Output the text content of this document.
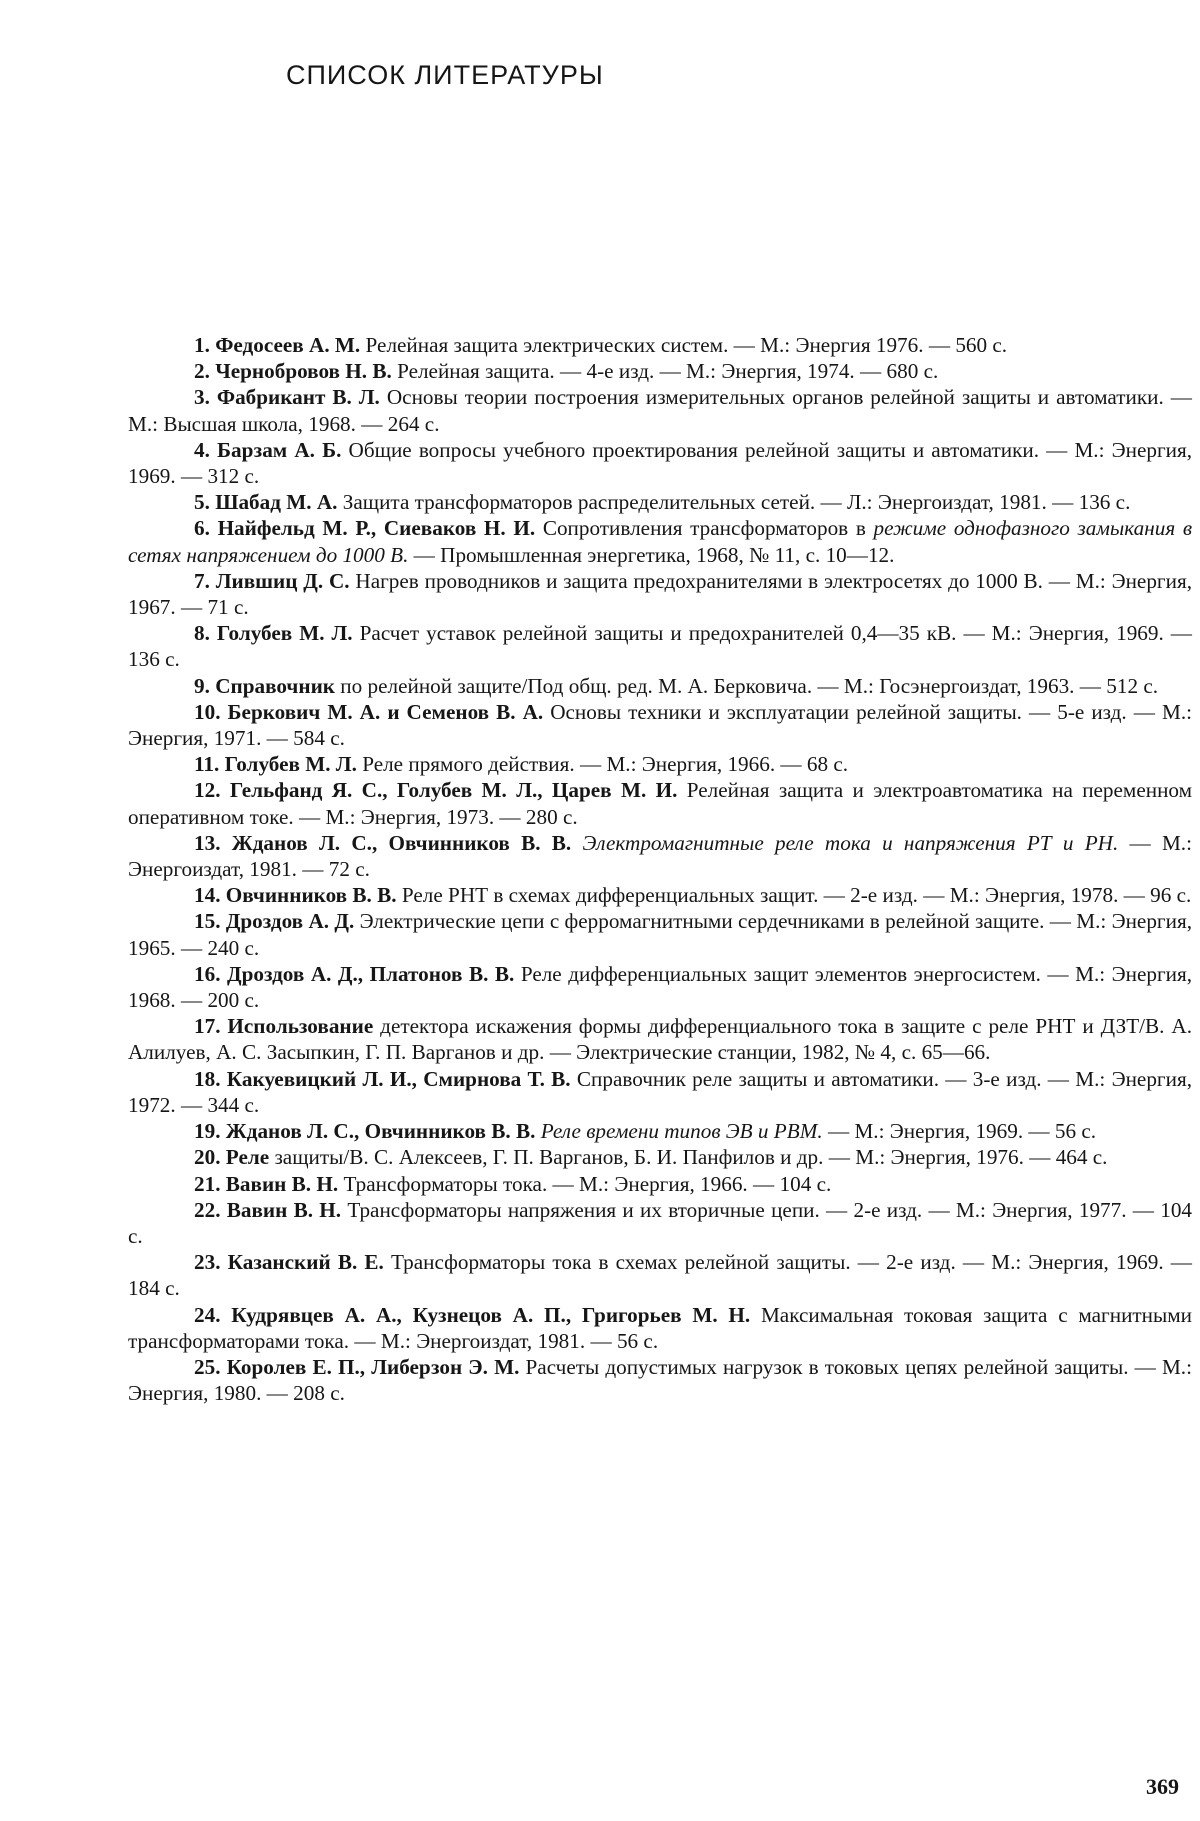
СПИСОК ЛИТЕРАТУРЫ
1. Федосеев А. М. Релейная защита электрических систем. — М.: Энергия 1976. — 560 с.
2. Чернобровов Н. В. Релейная защита. — 4-е изд. — М.: Энергия, 1974. — 680 с.
3. Фабрикант В. Л. Основы теории построения измерительных органов релейной защиты и автоматики. — М.: Высшая школа, 1968. — 264 с.
4. Барзам А. Б. Общие вопросы учебного проектирования релейной защиты и автоматики. — М.: Энергия, 1969. — 312 с.
5. Шабад М. А. Защита трансформаторов распределительных сетей. — Л.: Энергоиздат, 1981. — 136 с.
6. Найфельд М. Р., Сиеваков Н. И. Сопротивления трансформаторов в режиме однофазного замыкания в сетях напряжением до 1000 В. — Промышленная энергетика, 1968, № 11, с. 10—12.
7. Лившиц Д. С. Нагрев проводников и защита предохранителями в электросетях до 1000 В. — М.: Энергия, 1967. — 71 с.
8. Голубев М. Л. Расчет уставок релейной защиты и предохранителей 0,4—35 кВ. — М.: Энергия, 1969. — 136 с.
9. Справочник по релейной защите/Под общ. ред. М. А. Берковича. — М.: Госэнергоиздат, 1963. — 512 с.
10. Беркович М. А. и Семенов В. А. Основы техники и эксплуатации релейной защиты. — 5-е изд. — М.: Энергия, 1971. — 584 с.
11. Голубев М. Л. Реле прямого действия. — М.: Энергия, 1966. — 68 с.
12. Гельфанд Я. С., Голубев М. Л., Царев М. И. Релейная защита и электроавтоматика на переменном оперативном токе. — М.: Энергия, 1973. — 280 с.
13. Жданов Л. С., Овчинников В. В. Электромагнитные реле тока и напряжения РТ и РН. — М.: Энергоиздат, 1981. — 72 с.
14. Овчинников В. В. Реле РНТ в схемах дифференциальных защит. — 2-е изд. — М.: Энергия, 1978. — 96 с.
15. Дроздов А. Д. Электрические цепи с ферромагнитными сердечниками в релейной защите. — М.: Энергия, 1965. — 240 с.
16. Дроздов А. Д., Платонов В. В. Реле дифференциальных защит элементов энергосистем. — М.: Энергия, 1968. — 200 с.
17. Использование детектора искажения формы дифференциального тока в защите с реле РНТ и ДЗТ/В. А. Алилуев, А. С. Засыпкин, Г. П. Варганов и др. — Электрические станции, 1982, № 4, с. 65—66.
18. Какуевицкий Л. И., Смирнова Т. В. Справочник реле защиты и автоматики. — 3-е изд. — М.: Энергия, 1972. — 344 с.
19. Жданов Л. С., Овчинников В. В. Реле времени типов ЭВ и РВМ. — М.: Энергия, 1969. — 56 с.
20. Реле защиты/В. С. Алексеев, Г. П. Варганов, Б. И. Панфилов и др. — М.: Энергия, 1976. — 464 с.
21. Вавин В. Н. Трансформаторы тока. — М.: Энергия, 1966. — 104 с.
22. Вавин В. Н. Трансформаторы напряжения и их вторичные цепи. — 2-е изд. — М.: Энергия, 1977. — 104 с.
23. Казанский В. Е. Трансформаторы тока в схемах релейной защиты. — 2-е изд. — М.: Энергия, 1969. — 184 с.
24. Кудрявцев А. А., Кузнецов А. П., Григорьев М. Н. Максимальная токовая защита с магнитными трансформаторами тока. — М.: Энергоиздат, 1981. — 56 с.
25. Королев Е. П., Либерзон Э. М. Расчеты допустимых нагрузок в токовых цепях релейной защиты. — М.: Энергия, 1980. — 208 с.
369
